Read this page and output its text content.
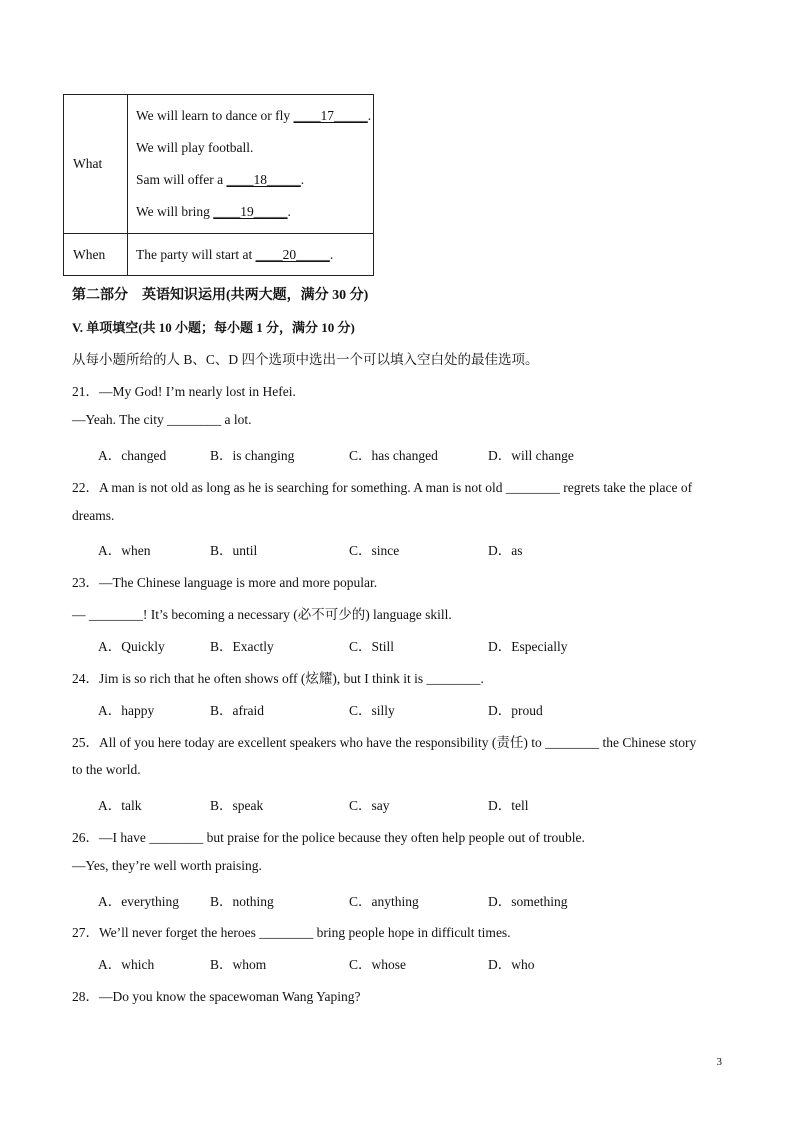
What	We will learn to dance or fly ____17_____.
We will play football.
Sam will offer a ____18_____.
We will bring ____19_____.

When	The party will start at ____20_____.
第二部分　英语知识运用(共两大题，满分 30 分)
V. 单项填空(共 10 小题；每小题 1 分，满分 10 分)
从每小题所给的人 B、C、D 四个选项中选出一个可以填入空白处的最佳选项。
21．—My God! I’m nearly lost in Hefei.
—Yeah. The city ________ a lot.
A．changed	B．is changing	C．has changed	D．will change
22．A man is not old as long as he is searching for something. A man is not old ________ regrets take the place of
dreams.
A．when	B．until	C．since	D．as
23．—The Chinese language is more and more popular.
— ________! It’s becoming a necessary (必不可少的) language skill.
A．Quickly	B．Exactly	C．Still	D．Especially
24．Jim is so rich that he often shows off (炫耀), but I think it is ________.
A．happy	B．afraid	C．silly	D．proud
25．All of you here today are excellent speakers who have the responsibility (责任) to ________ the Chinese story
to the world.
A．talk	B．speak	C．say	D．tell
26．—I have ________ but praise for the police because they often help people out of trouble.
—Yes, they’re well worth praising.
A．everything B．nothing	C．anything	D．something
27．We’ll never forget the heroes ________ bring people hope in difficult times.
A．which	B．whom	C．whose	D．who
28．—Do you know the spacewoman Wang Yaping?
3
